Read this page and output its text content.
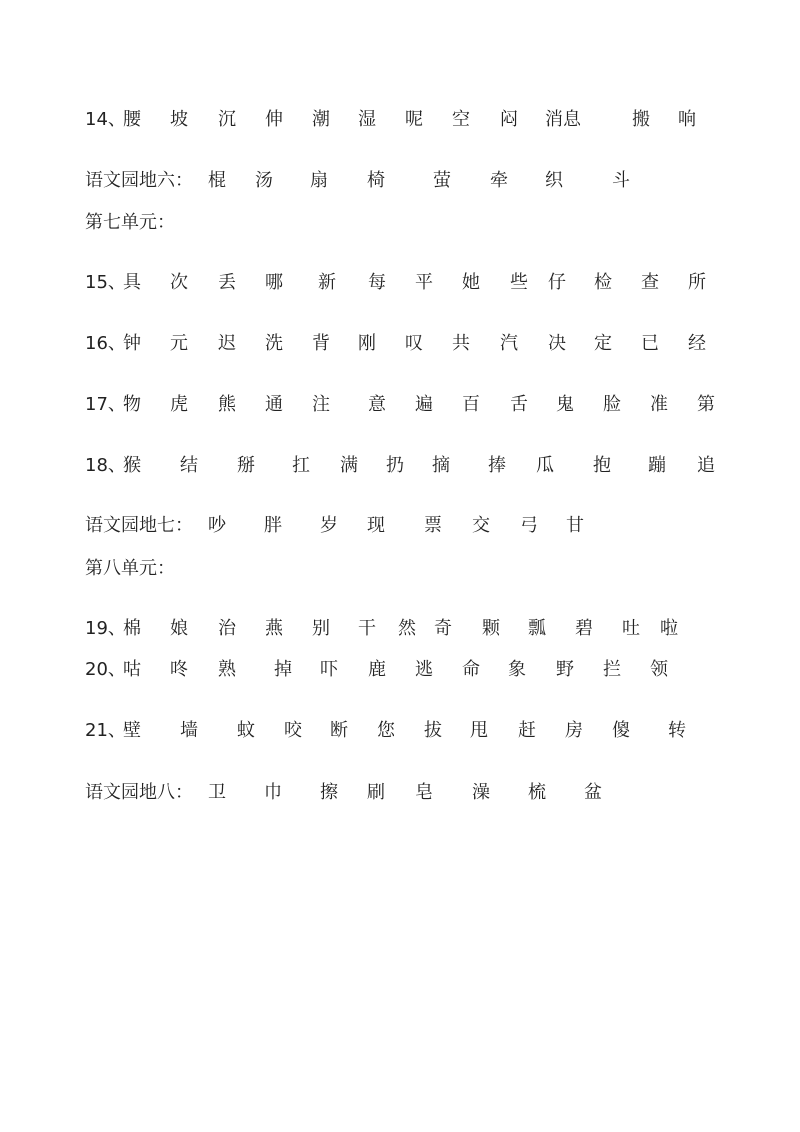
14、
腰 坡 沉 伸 潮 湿 呢 空 闷 消息	搬 响
语文园地六： 棍 汤 扇 椅	萤 牵 织	斗
第七单元：
15、
具 次 丢 哪 新 每 平 她 些 仔 检 查 所
16、
钟 元 迟 洗 背 刚 叹 共 汽 决 定 已 经
17、
物 虎 熊 通 注 意 遍 百 舌 鬼 脸 准 第
18、
猴 结 掰 扛 满 扔 摘 捧 瓜 抱 蹦 追
语文园地七： 吵 胖 岁 现 票 交 弓 甘
第八单元：
19、
棉 娘 治 燕 别 干 然 奇 颗 瓢 碧 吐 啦
20、
咕 咚 熟 掉 吓 鹿 逃 命 象 野 拦 领
21、
壁 墙 蚊 咬 断 您 拔 甩 赶 房 傻 转
语文园地八： 卫 巾 擦 刷 皂 澡 梳 盆
